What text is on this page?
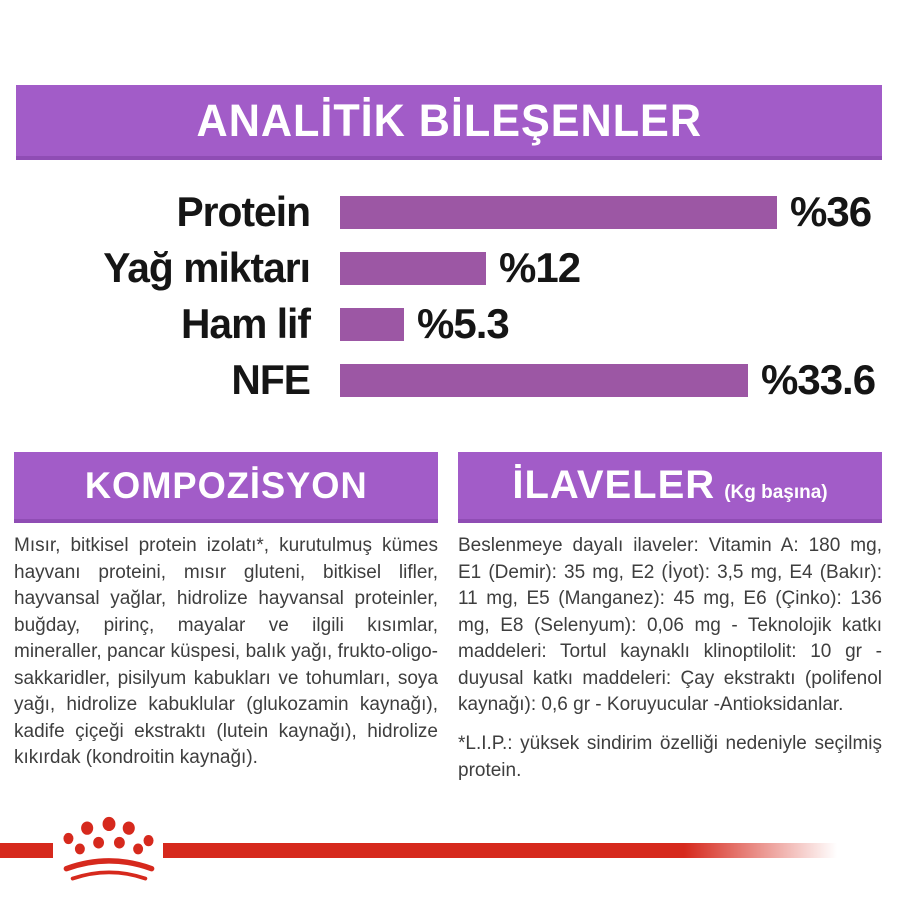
ANALİTİK BİLEŞENLER
Protein	%36
Yağ miktarı	%12
Ham lif	%5.3
NFE	%33.6
KOMPOZİSYON
Mısır, bitkisel protein izolatı*, kurutulmuş kümes hayvanı proteini, mısır gluteni, bitkisel lifler, hayvansal yağlar, hidrolize hayvansal proteinler, buğday, pirinç, mayalar ve ilgili kısımlar, mineraller, pancar küspesi, balık yağı, frukto-oligo-sakkaridler, pisilyum kabukları ve tohumları, soya yağı, hidrolize kabuklular (glukozamin kaynağı), kadife çiçeği ekstraktı (lutein kaynağı), hidrolize kıkırdak (kondroitin kaynağı).
İLAVELER (Kg başına)
Beslenmeye dayalı ilaveler: Vitamin A: 180 mg, E1 (Demir): 35 mg, E2 (İyot): 3,5 mg, E4 (Bakır): 11 mg, E5 (Manganez): 45 mg, E6 (Çinko): 136 mg, E8 (Selenyum): 0,06 mg - Teknolojik katkı maddeleri: Tortul kaynaklı klinoptilolit: 10 gr - duyusal katkı maddeleri: Çay ekstraktı (polifenol kaynağı): 0,6 gr - Koruyucular -Antioksidanlar.
*L.I.P.: yüksek sindirim özelliği nedeniyle seçilmiş protein.
